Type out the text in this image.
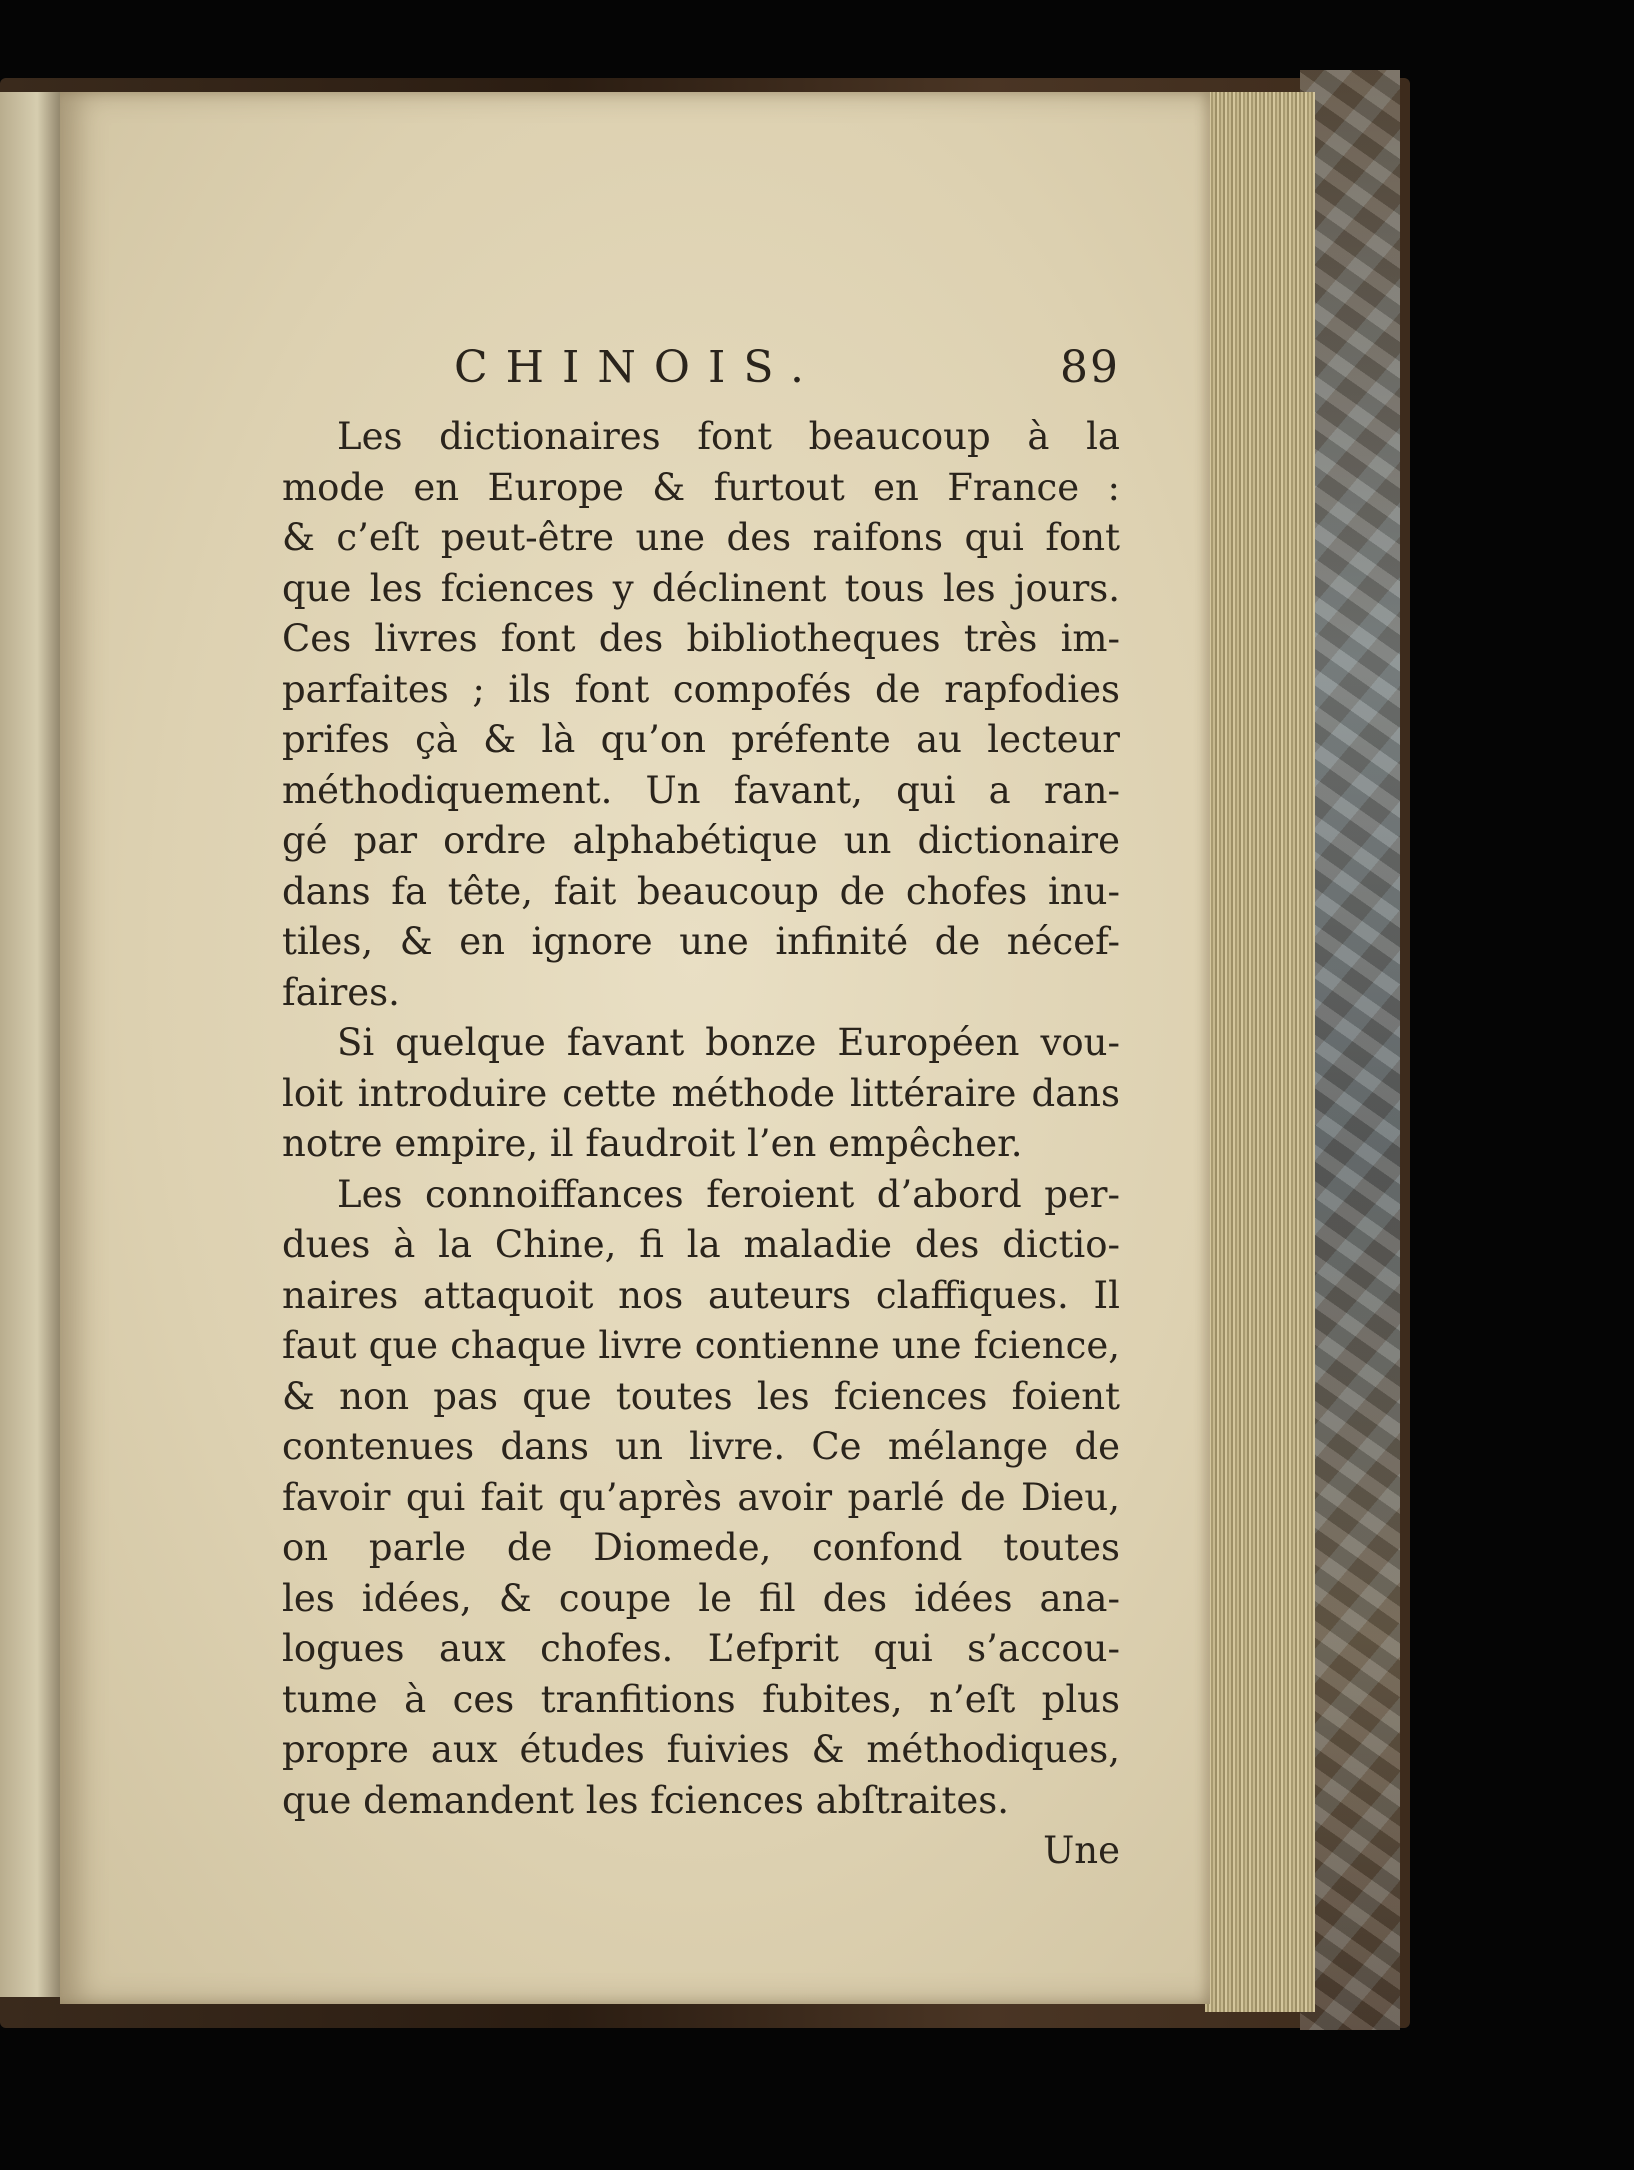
CHINOIS.	89
Les dictionaires font beaucoup à la
mode en Europe & furtout en France :
& c’eſt peut-être une des raifons qui font
que les fciences y déclinent tous les jours.
Ces livres font des bibliotheques très im-
parfaites ; ils font compofés de rapfodies
prifes çà & là qu’on préfente au lecteur
méthodiquement. Un favant, qui a ran-
gé par ordre alphabétique un dictionaire
dans fa tête, fait beaucoup de chofes inu-
tiles, & en ignore une infinité de nécef-
faires.
Si quelque favant bonze Européen vou-
loit introduire cette méthode littéraire dans
notre empire, il faudroit l’en empêcher.
Les connoiffances feroient d’abord per-
dues à la Chine, fi la maladie des dictio-
naires attaquoit nos auteurs claffiques. Il
faut que chaque livre contienne une fcience,
& non pas que toutes les fciences foient
contenues dans un livre. Ce mélange de
favoir qui fait qu’après avoir parlé de Dieu,
on parle de Diomede, confond toutes
les idées, & coupe le fil des idées ana-
logues aux chofes. L’efprit qui s’accou-
tume à ces tranfitions fubites, n’eſt plus
propre aux études fuivies & méthodiques,
que demandent les fciences abſtraites.
Une
